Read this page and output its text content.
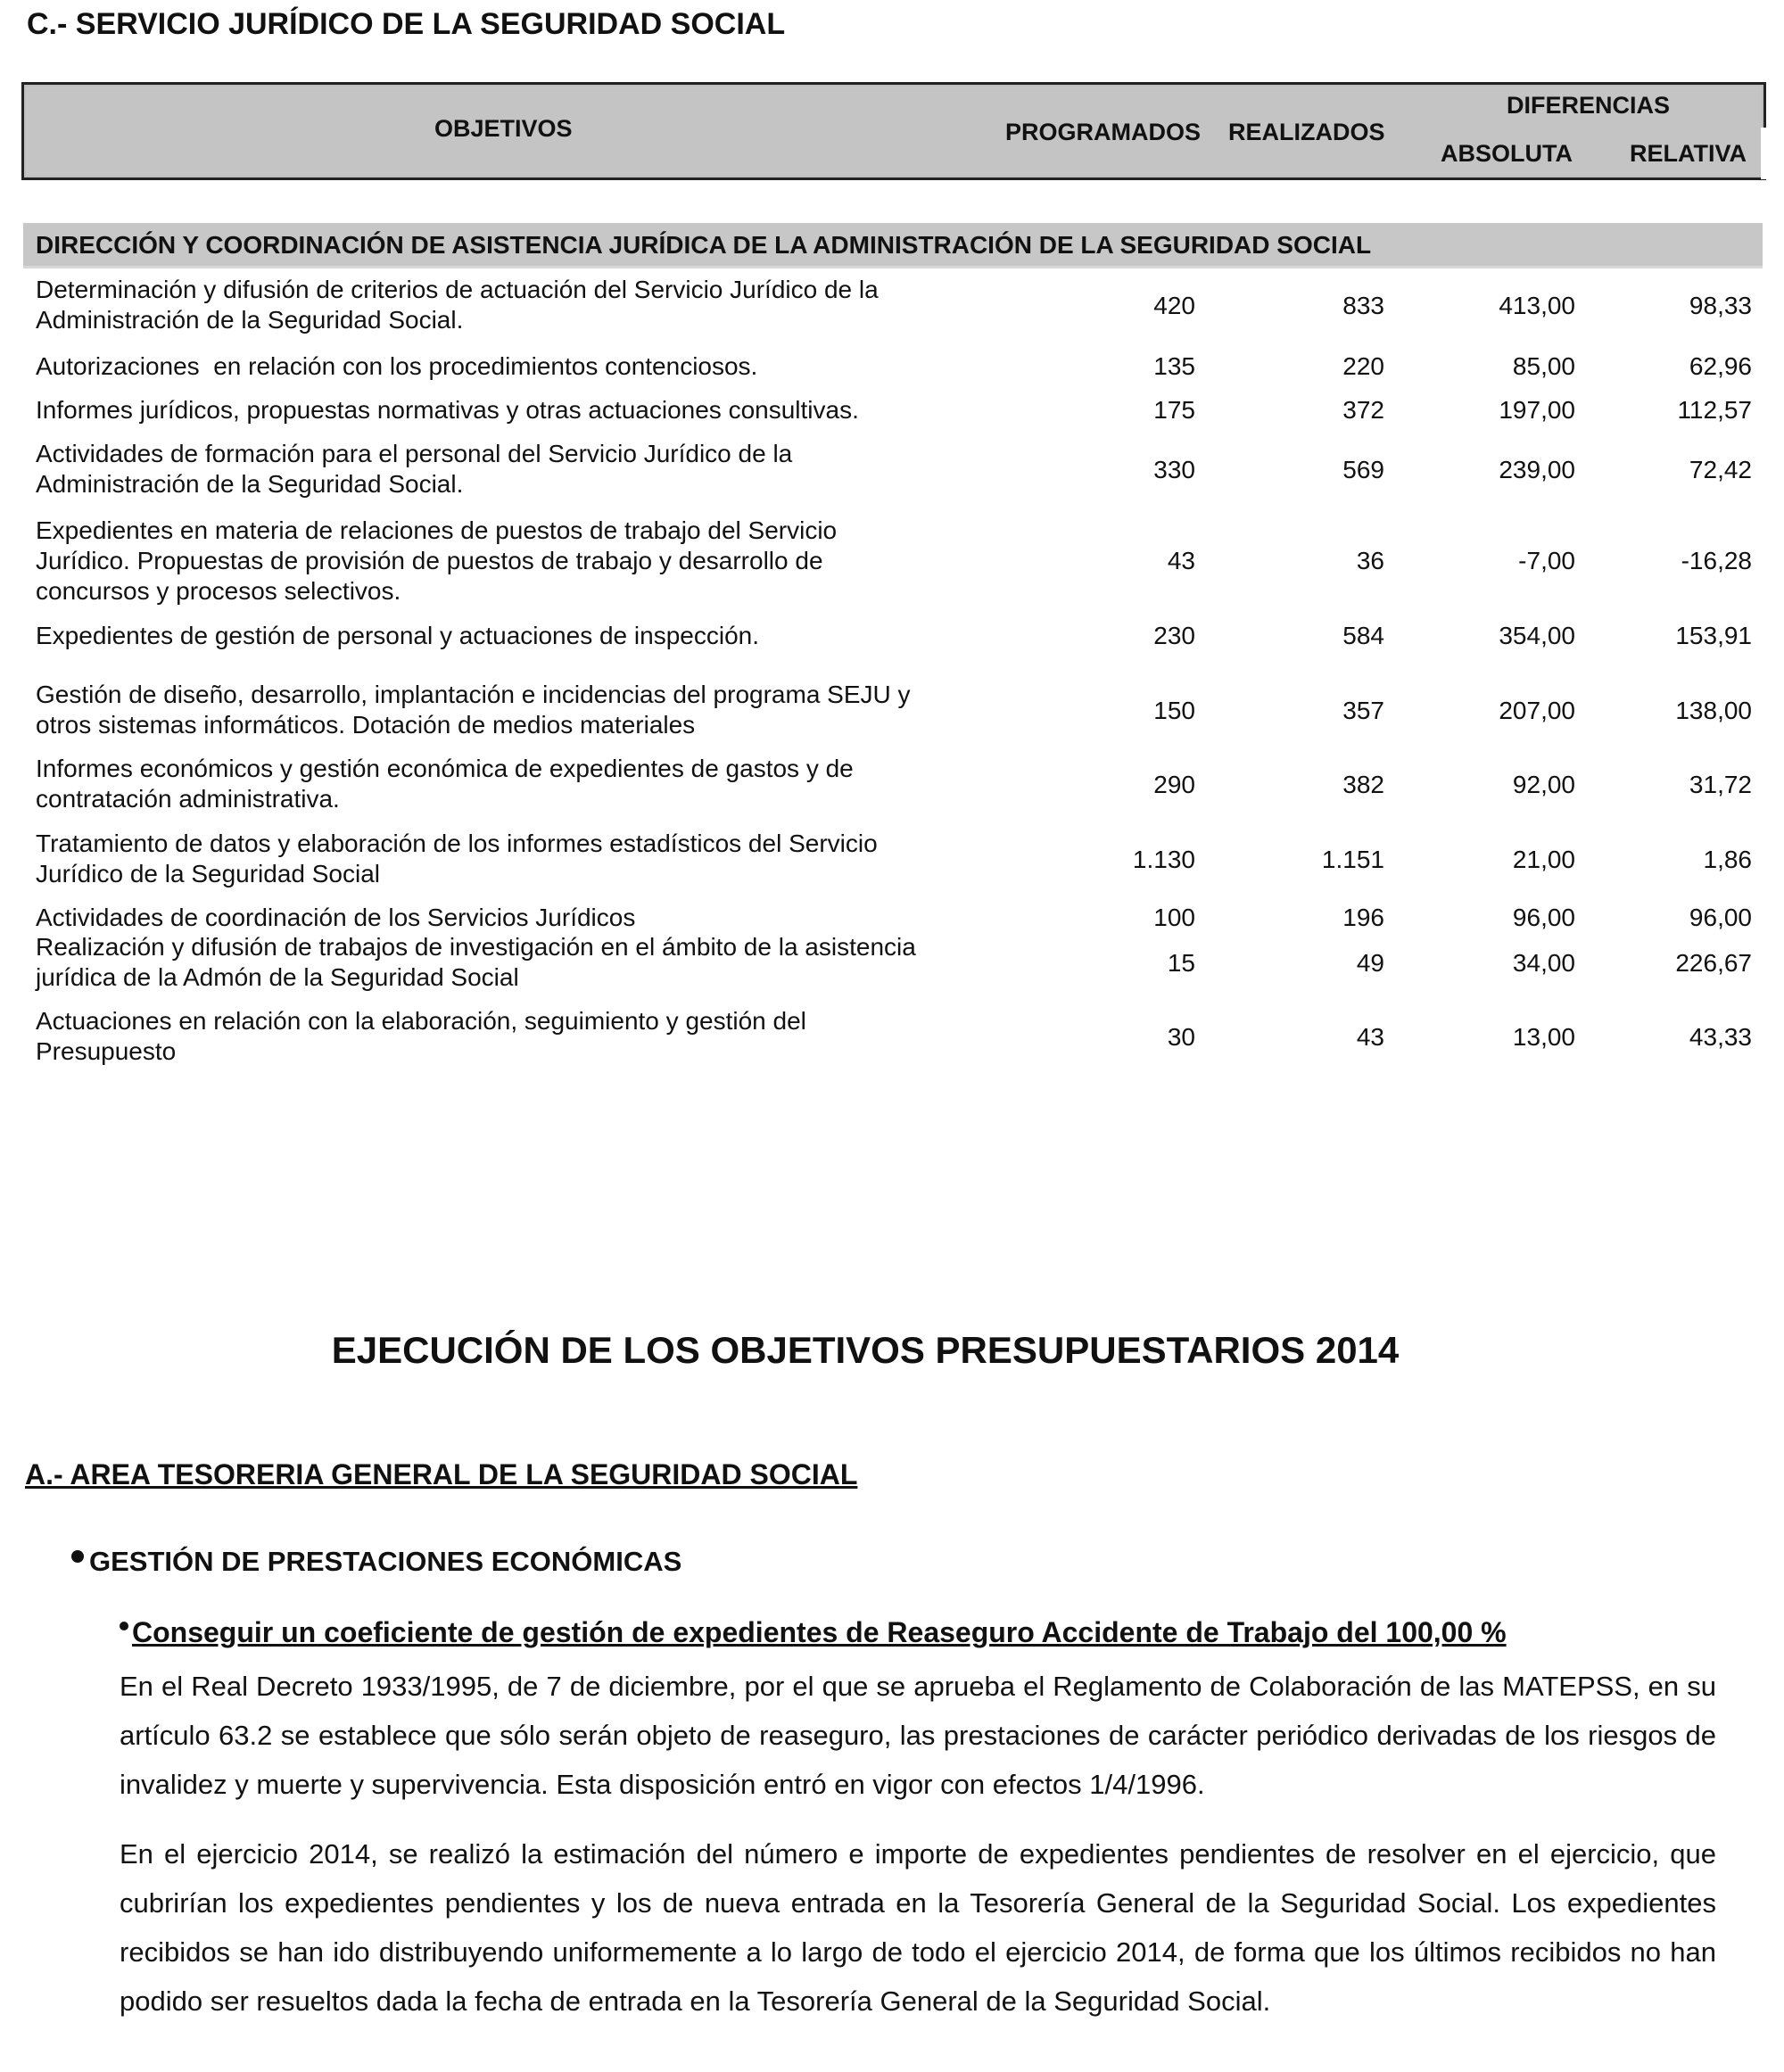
C.- SERVICIO JURÍDICO DE LA SEGURIDAD SOCIAL
OBJETIVOS	PROGRAMADOS REALIZADOS
DIFERENCIAS
ABSOLUTA RELATIVA
DIRECCIÓN Y COORDINACIÓN DE ASISTENCIA JURÍDICA DE LA ADMINISTRACIÓN DE LA SEGURIDAD SOCIAL
Determinación y difusión de criterios de actuación del Servicio Jurídico de la
Administración de la Seguridad Social.
420	833	413,00	98,33
Autorizaciones  en relación con los procedimientos contenciosos.	135	220	85,00	62,96
Informes jurídicos, propuestas normativas y otras actuaciones consultivas.	175	372	197,00	112,57
Actividades de formación para el personal del Servicio Jurídico de la
Administración de la Seguridad Social.
330	569	239,00	72,42
Expedientes en materia de relaciones de puestos de trabajo del Servicio
Jurídico. Propuestas de provisión de puestos de trabajo y desarrollo de
concursos y procesos selectivos.
43	36	-7,00	-16,28
Expedientes de gestión de personal y actuaciones de inspección.	230	584	354,00	153,91
Gestión de diseño, desarrollo, implantación e incidencias del programa SEJU y
otros sistemas informáticos. Dotación de medios materiales
150	357	207,00	138,00
Informes económicos y gestión económica de expedientes de gastos y de
contratación administrativa.
290	382	92,00	31,72
Tratamiento de datos y elaboración de los informes estadísticos del Servicio
Jurídico de la Seguridad Social
1.130	1.151	21,00	1,86
Actividades de coordinación de los Servicios Jurídicos	100	196	96,00	96,00
Realización y difusión de trabajos de investigación en el ámbito de la asistencia
jurídica de la Admón de la Seguridad Social
15	49	34,00	226,67
Actuaciones en relación con la elaboración, seguimiento y gestión del
Presupuesto
30	43	13,00	43,33
EJECUCIÓN DE LOS OBJETIVOS PRESUPUESTARIOS 2014
A.- AREA TESORERIA GENERAL DE LA SEGURIDAD SOCIAL
GESTIÓN DE PRESTACIONES ECONÓMICAS
Conseguir un coeficiente de gestión de expedientes de Reaseguro Accidente de Trabajo del 100,00 %
En el Real Decreto 1933/1995, de 7 de diciembre, por el que se aprueba el Reglamento de Colaboración de las MATEPSS, en su artículo 63.2 se establece que sólo serán objeto de reaseguro, las prestaciones de carácter periódico derivadas de los riesgos de invalidez y muerte y supervivencia. Esta disposición entró en vigor con efectos 1/4/1996.
En el ejercicio 2014, se realizó la estimación del número e importe de expedientes pendientes de resolver en el ejercicio, que cubrirían los expedientes pendientes y los de nueva entrada en la Tesorería General de la Seguridad Social. Los expedientes recibidos se han ido distribuyendo uniformemente a lo largo de todo el ejercicio 2014, de forma que los últimos recibidos no han podido ser resueltos dada la fecha de entrada en la Tesorería General de la Seguridad Social.
